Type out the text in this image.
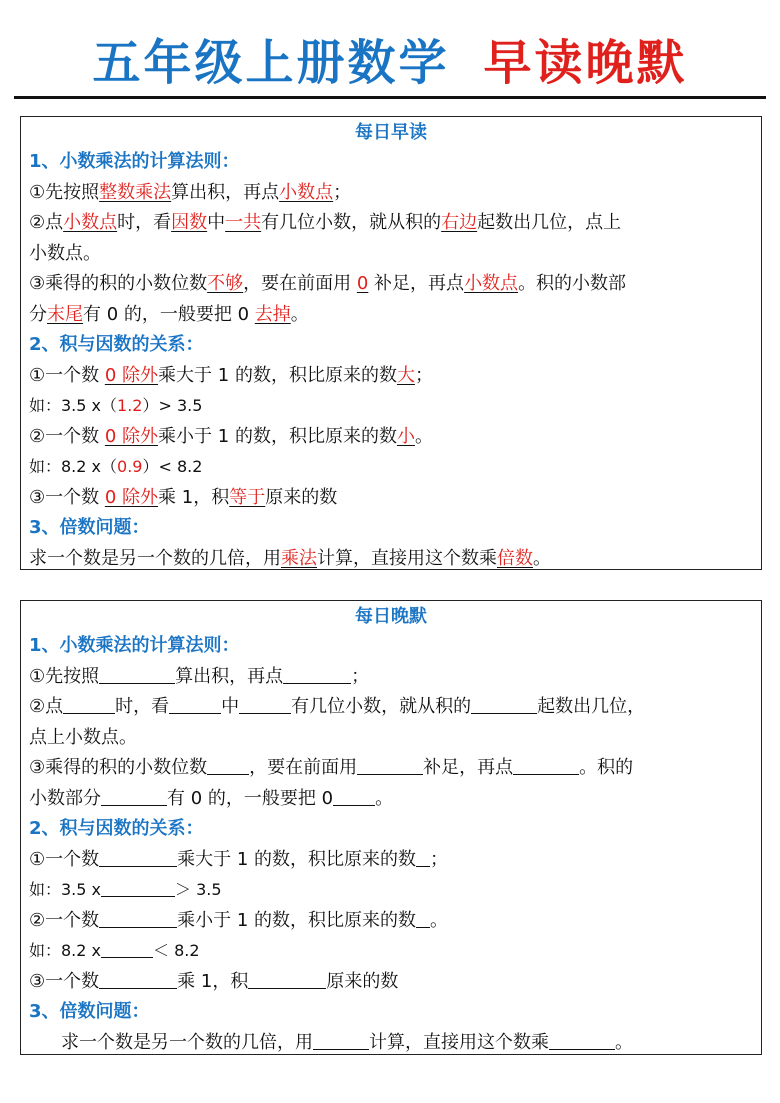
五年级上册数学 早读晚默
每日早读
1、小数乘法的计算法则：
①先按照整数乘法算出积，再点小数点；
②点小数点时，看因数中一共有几位小数，就从积的右边起数出几位，点上
小数点。
③乘得的积的小数位数不够，要在前面用 0 补足，再点小数点。积的小数部
分末尾有 0 的，一般要把 0 去掉。
2、积与因数的关系：
①一个数 0 除外乘大于 1 的数，积比原来的数大；
如：3.5 x（1.2）> 3.5
②一个数 0 除外乘小于 1 的数，积比原来的数小。
如：8.2 x（0.9）< 8.2
③一个数 0 除外乘 1，积等于原来的数
3、倍数问题：
求一个数是另一个数的几倍，用乘法计算，直接用这个数乘倍数。
每日晚默
1、小数乘法的计算法则：
①先按照	算出积，再点	；
②点	时，看	中	有几位小数，就从积的	起数出几位，
点上小数点。
③乘得的积的小数位数 ，要在前面用	补足，再点	。积的
小数部分	有 0 的，一般要把 0 。
2、积与因数的关系：
①一个数	乘大于 1 的数，积比原来的数 ；
如：3.5 x	＞ 3.5
②一个数	乘小于 1 的数，积比原来的数 。
如：8.2 x	＜ 8.2
③一个数	乘 1，积	原来的数
3、倍数问题：
求一个数是另一个数的几倍，用	计算，直接用这个数乘	。
